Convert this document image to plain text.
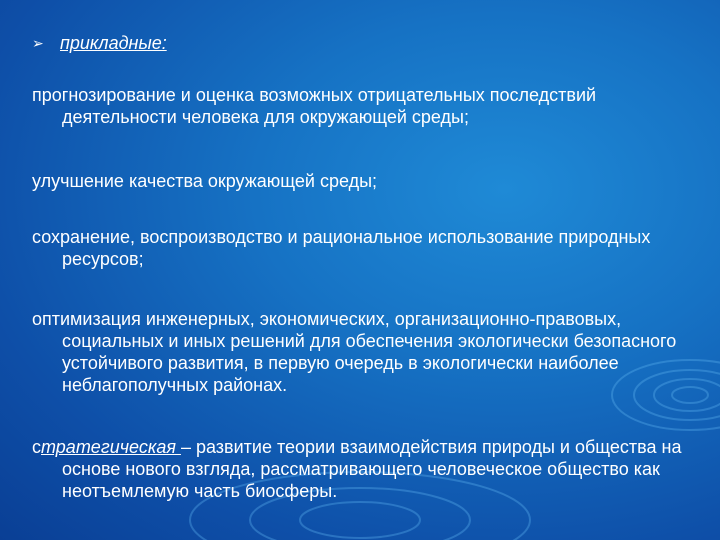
➢ прикладные:
прогнозирование и оценка возможных отрицательных последствий деятельности человека для окружающей среды;
улучшение качества окружающей среды;
сохранение, воспроизводство и рациональное использование природных ресурсов;
оптимизация инженерных, экономических, организационно-правовых, социальных и иных решений для обеспечения экологически безопасного устойчивого развития, в первую очередь в экологически наиболее неблагополучных районах.
стратегическая – развитие теории взаимодействия природы и общества на основе нового взгляда, рассматривающего человеческое общество как неотъемлемую часть биосферы.
